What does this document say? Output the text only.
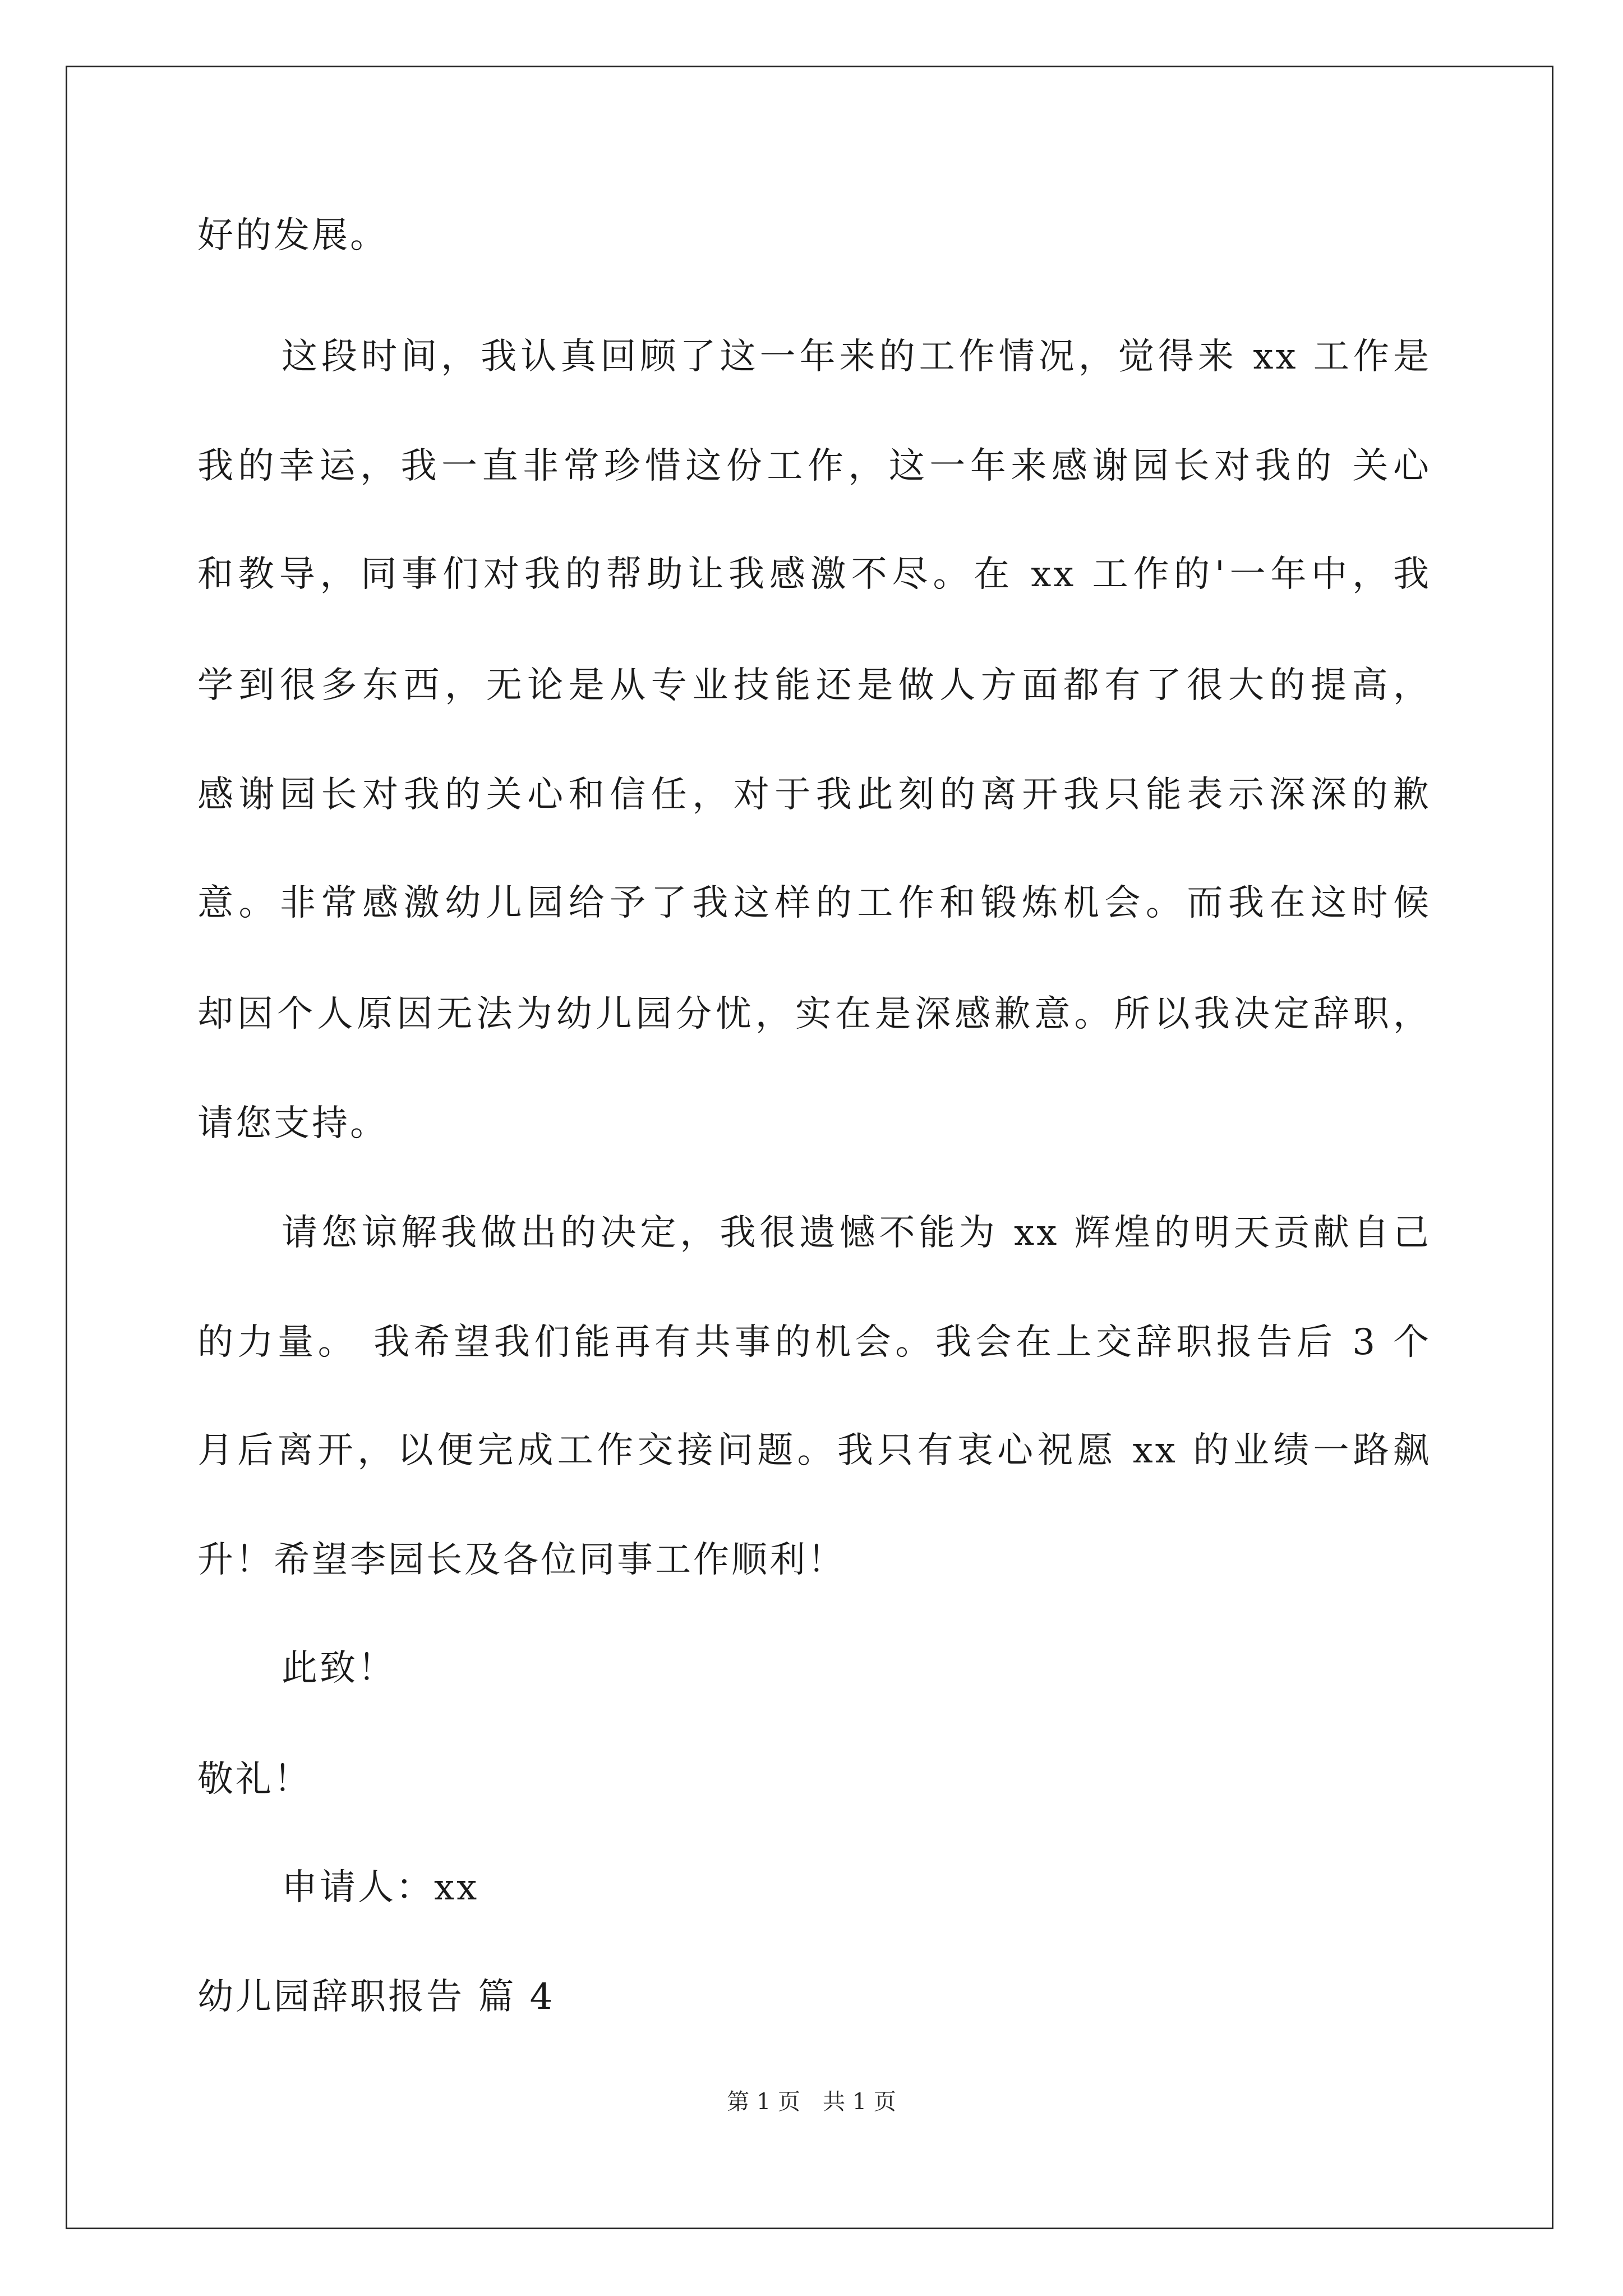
好的发展。
这段时间，我认真回顾了这一年来的工作情况，觉得来 xx 工作是
我的幸运，我一直非常珍惜这份工作，这一年来感谢园长对我的 关心
和教导，同事们对我的帮助让我感激不尽。在 xx 工作的'一年中，我
学到很多东西，无论是从专业技能还是做人方面都有了很大的提高，
感谢园长对我的关心和信任，对于我此刻的离开我只能表示深深的歉
意。非常感激幼儿园给予了我这样的工作和锻炼机会。而我在这时候
却因个人原因无法为幼儿园分忧，实在是深感歉意。所以我决定辞职，
请您支持。
请您谅解我做出的决定，我很遗憾不能为 xx 辉煌的明天贡献自己
的力量。 我希望我们能再有共事的机会。我会在上交辞职报告后 3 个
月后离开，以便完成工作交接问题。我只有衷心祝愿 xx 的业绩一路飙
升！希望李园长及各位同事工作顺利！
此致！
敬礼！
申请人：xx
幼儿园辞职报告 篇 4
第 1 页　共 1 页
